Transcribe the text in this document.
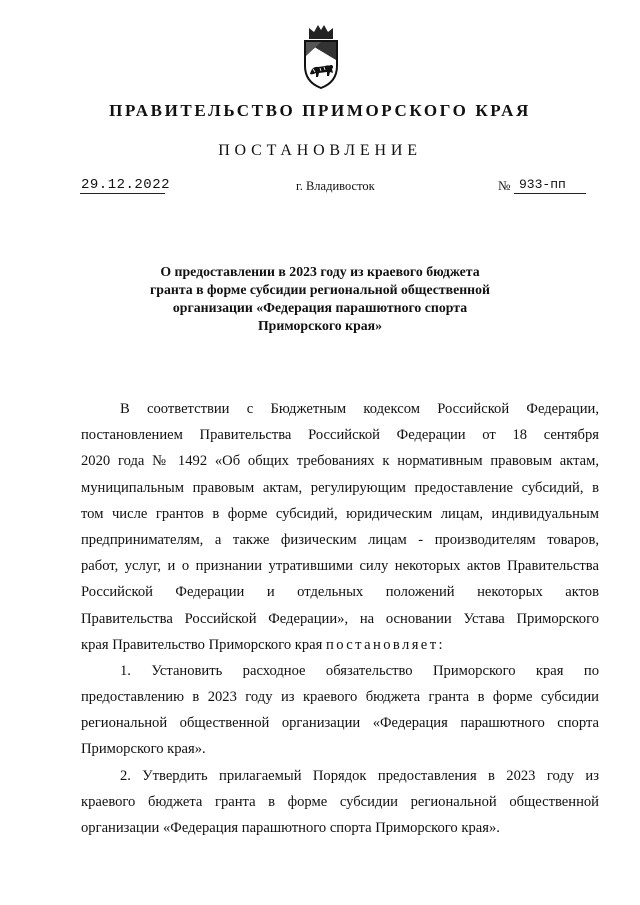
ПРАВИТЕЛЬСТВО ПРИМОРСКОГО КРАЯ
ПОСТАНОВЛЕНИЕ
29.12.2022	г. Владивосток	№ 933-пп
О предоставлении в 2023 году из краевого бюджета
гранта в форме субсидии региональной общественной
организации «Федерация парашютного спорта
Приморского края»
В соответствии с Бюджетным кодексом Российской Федерации,
постановлением Правительства Российской Федерации от 18 сентября
2020 года № 1492 «Об общих требованиях к нормативным правовым актам,
муниципальным правовым актам, регулирующим предоставление субсидий, в
том числе грантов в форме субсидий, юридическим лицам, индивидуальным
предпринимателям, а также физическим лицам - производителям товаров,
работ, услуг, и о признании утратившими силу некоторых актов Правительства
Российской Федерации и отдельных положений некоторых актов
Правительства Российской Федерации», на основании Устава Приморского
края Правительство Приморского края постановляет:
1. Установить расходное обязательство Приморского края по
предоставлению в 2023 году из краевого бюджета гранта в форме субсидии
региональной общественной организации «Федерация парашютного спорта
Приморского края».
2. Утвердить прилагаемый Порядок предоставления в 2023 году из
краевого бюджета гранта в форме субсидии региональной общественной
организации «Федерация парашютного спорта Приморского края».
